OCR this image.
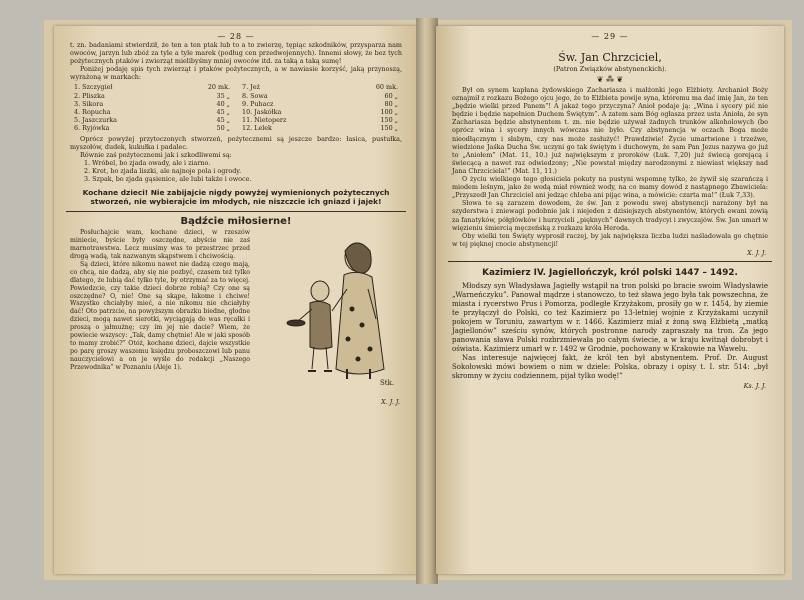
— 28 —

t. zn. badaniami stwierdził, że ten a ten ptak lub to a to zwierzę, tępiąc szkodników, przysparza nam owoców, jarzyn lub zbóż za tyle a tyle marek (podług cen przedwojennych). Innemi słowy, że bez tych pożytecznych ptaków i zwierząt mielibyśmy mniej owoców itd. za taką a taką sumę!

Poniżej podaję spis tych zwierząt i ptaków pożytecznych, a w nawiasie korzyść, jaką przynoszą, wyrażoną w markach:

1. Szczygieł	20 mk. 7. Jeż	60 mk.
2. Pliszka	35 „ 8. Sowa	60 „
3. Sikora	40 „ 9. Puhacz	80 „
4. Ropucha	45 „ 10. Jaskółka	100 „
5. Jaszczurka	45 „ 11. Nietoperz	150 „
6. Ryjówka	50 „ 12. Lelek	150 „

Oprócz powyżej przytoczonych stworzeń, pożytecznemi są jeszcze bardzo: łasica, pustułka, myszołów, dudek, kukułka i padalec.

Równie zaś pożytecznemi jak i szkodliwemi są:

1. Wróbel, bo zjada owady, ale i ziarno.
2. Kret, bo zjada liszki, ale najnoje pola i ogrody.
3. Szpak, bo zjada gąsienice, ale lubi także i owoce.
Kochane dzieci! Nie zabijajcie nigdy powyżej wymienionych pożytecznych stworzeń, nie wybierajcie im młodych, nie niszczcie ich gniazd i jajek!
Bądźcie miłosierne!

Posłuchajcie wam, kochane dzieci, w rzeszów miniecie, byście były oszczędne, abyście nie zaś marnotrawstwa. Lecz musimy was to przestrzec przed drogą wadą, tak nazwanym skąpstwem i chciwością.

Są dzieci, które nikomu nawet nie dadzą czego mają, co chcą, nie dadzą, aby się nie pozbyć, czasem też tylko dlatego, że lubią dać tylko tyle, by otrzymać za to więcej. Powiedzcie, czy takie dzieci dobrze robią? Czy one są oszczędne? O, nie! One są skąpe, łakome i chciwe! Wszystko chciałyby mieć, a nie nikomu nie chciałyby dać! Oto patrzcie, na powyższym obrazku biedne, głodne dzieci, mogą nawet sierotki, wyciągają do was ręcałki i proszą o jałmużnę; czy im jej nie dacie? Wiem, że powiecie wszyscy: „Tak, damy chętnie! Ale w jaki sposób to mamy zrobić?” Otóż, kochane dzieci, dajcie wszystkie po parę groszy waszemu księdzu proboszczowi lub panu nauczycielowi a on je wyśle do redakcji „Naszego Przewodnika” w Poznaniu (Aleje 1).

Stk.
X. J. J.
— 29 —
Św. Jan Chrzciciel,
(Patron Związków abstynenckich).
❦ ⁂ ❦

Był on synem kapłana żydowskiego Zachariasza i małżonki jego Elżbiety. Archanioł Boży oznajmił z rozkazu Bożego ojcu jego, że to Elżbieta powije syna, któremu ma dać imię Jan, że ten „będzie wielki przed Panem”! A jakaż tego przyczyna? Anioł podaje ją: „Wina i sycery pić nie będzie i będzie napełnion Duchem Świętym”. A zatem sam Bóg ogłasza przez usta Anioła, że syn Zachariasza będzie abstynentem t. zn. nie będzie używał żadnych trunków alkoholowych (bo oprócz wina i sycery innych wówczas nie było. Czy abstynencja w oczach Boga może nieodłącznym i słabym, czy nas może zasłużyć! Prawdziwie! Życie umartwione i trzeźwe, wiedzione Jaśka Ducha Św. uczyni go tak świętym i duchowym, że sam Pan Jezus nazywa go już to „Aniołem” (Mat. 11, 10.) już największym z proroków (Łuk. 7,20) już świecą gorejącą i świecącą a nawet raz odwiedzony; „Nie powstał między narodzonymi z niewiast większy nad Jana Chrzciciela!” (Mat. 11, 11.)

O życiu wielkiego tego głosiciela pokuty na pustyni wspomnę tylko, że żywił się szarańczą i miodem leśnym, jako że wodą miał również wody, na co mamy dowód z nastąpnego Zbawiciela: „Przyszedł Jan Chrzciciel ani jedząc chleba ani pijąc wina, a mówicie: czarta ma!” (Łuk 7,33).

Słowa te są zarazem dowodem, że św. Jan z powodu swej abstynencji narażony był na szyderstwa i zniewagi podobnie jak i niejeden z dzisiejszych abstynentów, których ewani zowią za fanatyków, półgłówków i hurzycieli „pięknych” dawnych tradycyi i zwyczajów. Św. Jan umarł w więzieniu śmiercią męczeńską z rozkazu króla Heroda.

Oby wielki ten Święty wyprosił raczej, by jak największa liczba ludzi naśladowała go chętnie w tej pięknej cnocie abstynencji!

X. J. J.
Kazimierz IV. Jagiellończyk, król polski 1447 – 1492.

Młodszy syn Władysława Jagiełły wstąpił na tron polski po bracie swoim Władysławie „Warneńczyku”. Panował mądrze i stanowczo, to też sława jego była tak powszechna, że miasta i rycerstwo Prus i Pomorza, podległe Krzyżakom, prosiły go w r. 1454, by ziemie te przyłączył do Polski, co też Kazimierz po 13-letniej wojnie z Krzyżakami uczynił pokojem w Toruniu, zawartym w r. 1466. Kazimierz miał z żoną swą Elżbietą „matką Jagiellonów” sześciu synów, których postronne narody zapraszały na tron. Za jego panowania sława Polski rozbrzmiewała po całym świecie, a w kraju kwitnął dobrobyt i oświata. Kazimierz umarł w r. 1492 w Grodnie, pochowany w Krakowie na Wawelu.

Nas interesuje najwięcej fakt, że król ten był abstynentem. Prof. Dr. August Sokołowski mówi bowiem o nim w dziele: Polska, obrazy i opisy t. I. str. 514: „był skromny w życiu codziennem, pijał tylko wodę!”

Ks. J. J.
